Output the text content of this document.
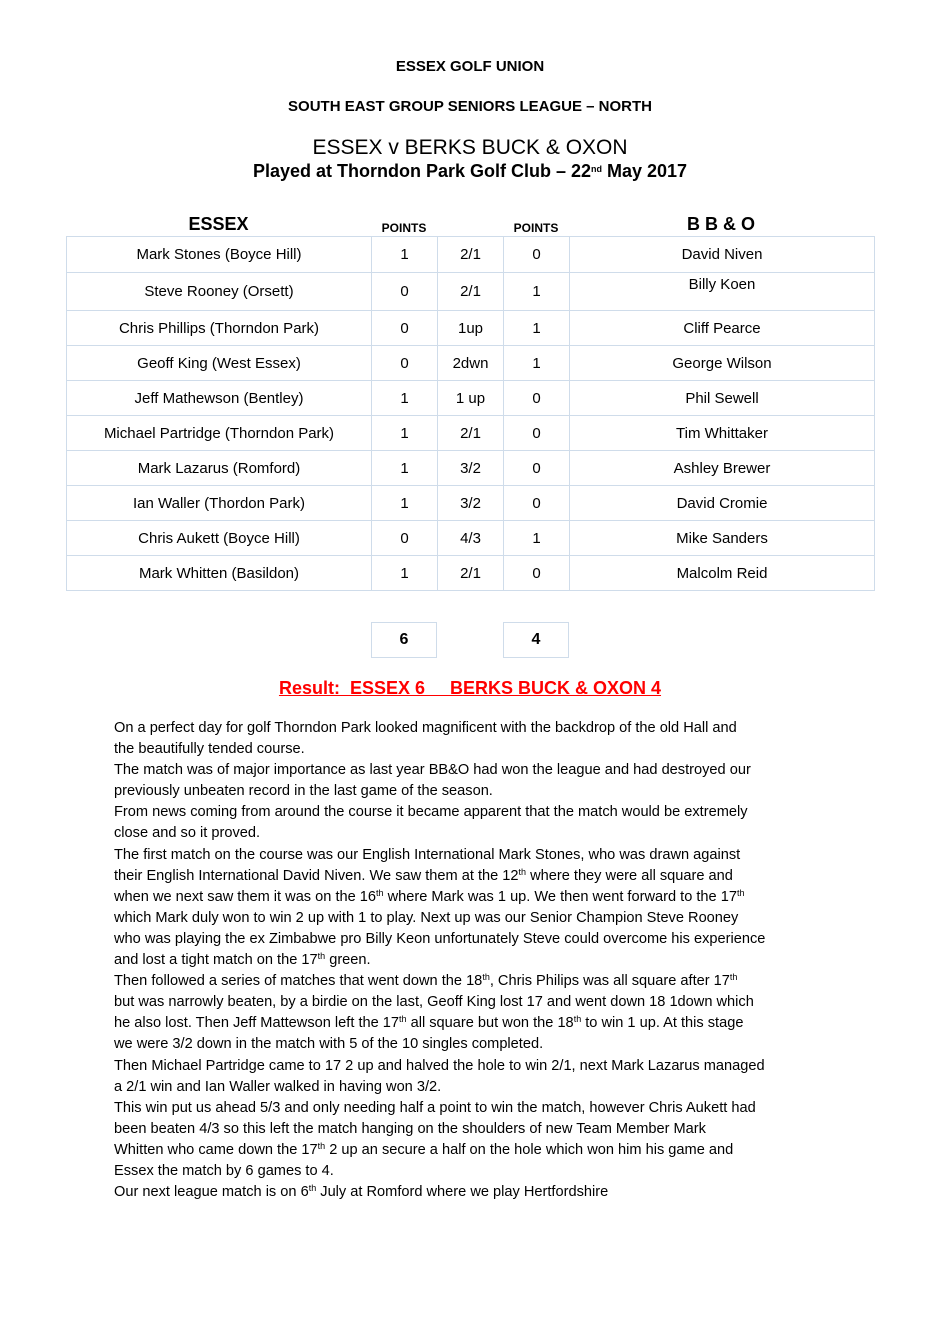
ESSEX GOLF UNION
SOUTH EAST GROUP SENIORS LEAGUE – NORTH
ESSEX v BERKS BUCK & OXON
Played at Thorndon Park Golf Club – 22nd May 2017
ESSEX	POINTS	POINTS	B B & O
Mark Stones (Boyce Hill)	1	2/1	0	David Niven
Steve Rooney (Orsett)	0	2/1	1	Billy Koen
Chris Phillips (Thorndon Park)	0	1up	1	Cliff Pearce
Geoff King (West Essex)	0	2dwn	1	George Wilson
Jeff Mathewson (Bentley)	1	1 up	0	Phil Sewell
Michael Partridge (Thorndon Park)	1	2/1	0	Tim Whittaker
Mark Lazarus (Romford)	1	3/2	0	Ashley Brewer
Ian Waller (Thordon Park)	1	3/2	0	David Cromie
Chris Aukett (Boyce Hill)	0	4/3	1	Mike Sanders
Mark Whitten (Basildon)	1	2/1	0	Malcolm Reid
6	4
Result:  ESSEX 6     BERKS BUCK & OXON 4
On a perfect day for golf Thorndon Park looked magnificent with the backdrop of the old Hall and
the beautifully tended course.
The match was of major importance as last year BB&O had won the league and had destroyed our
previously unbeaten record in the last game of the season.
From news coming from around the course it became apparent that the match would be extremely
close and so it proved.
The first match on the course was our English International Mark Stones, who was drawn against
their English International David Niven. We saw them at the 12th where they were all square and
when we next saw them it was on the 16th where Mark was 1 up. We then went forward to the 17th
which Mark duly won to win 2 up with 1 to play. Next up was our Senior Champion Steve Rooney
who was playing the ex Zimbabwe pro Billy Keon unfortunately Steve could overcome his experience
and lost a tight match on the 17th green.
Then followed a series of matches that went down the 18th, Chris Philips was all square after 17th
but was narrowly beaten, by a birdie on the last, Geoff King lost 17 and went down 18 1down which
he also lost. Then Jeff Mattewson left the 17th all square but won the 18th to win 1 up. At this stage
we were 3/2 down in the match with 5 of the 10 singles completed.
Then Michael Partridge came to 17 2 up and halved the hole to win 2/1, next Mark Lazarus managed
a 2/1 win and Ian Waller walked in having won 3/2.
This win put us ahead 5/3 and only needing half a point to win the match, however Chris Aukett had
been beaten 4/3 so this left the match hanging on the shoulders of new Team Member Mark
Whitten who came down the 17th 2 up an secure a half on the hole which won him his game and
Essex the match by 6 games to 4.
Our next league match is on 6th July at Romford where we play Hertfordshire
